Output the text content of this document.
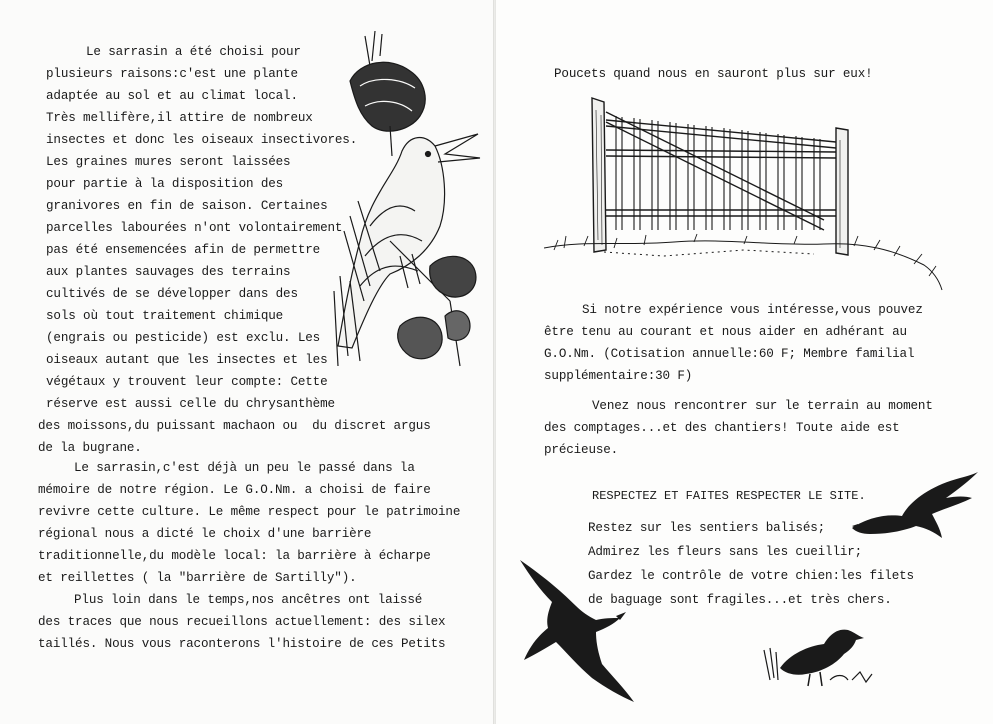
Le sarrasin a été choisi pour
plusieurs raisons:c'est une plante
adaptée au sol et au climat local.
Très mellifère,il attire de nombreux
insectes et donc les oiseaux insectivores.
Les graines mures seront laissées
pour partie à la disposition des
granivores en fin de saison. Certaines
parcelles labourées n'ont volontairement
pas été ensemencées afin de permettre
aux plantes sauvages des terrains
cultivés de se développer dans des
sols où tout traitement chimique
(engrais ou pesticide) est exclu. Les
oiseaux autant que les insectes et les
végétaux y trouvent leur compte: Cette
réserve est aussi celle du chrysanthème
des moissons,du puissant machaon ou  du discret argus
de la bugrane.
Le sarrasin,c'est déjà un peu le passé dans la
mémoire de notre région. Le G.O.Nm. a choisi de faire
revivre cette culture. Le même respect pour le patrimoine
régional nous a dicté le choix d'une barrière
traditionnelle,du modèle local: la barrière à écharpe
et reillettes ( la "barrière de Sartilly").
Plus loin dans le temps,nos ancêtres ont laissé
des traces que nous recueillons actuellement: des silex
taillés. Nous vous raconterons l'histoire de ces Petits
Poucets quand nous en sauront plus sur eux!
Si notre expérience vous intéresse,vous pouvez
être tenu au courant et nous aider en adhérant au
G.O.Nm. (Cotisation annuelle:60 F; Membre familial
supplémentaire:30 F)
Venez nous rencontrer sur le terrain au moment
des comptages...et des chantiers! Toute aide est
précieuse.
RESPECTEZ ET FAITES RESPECTER LE SITE.
Restez sur les sentiers balisés;
Admirez les fleurs sans les cueillir;
Gardez le contrôle de votre chien:les filets
de baguage sont fragiles...et très chers.
